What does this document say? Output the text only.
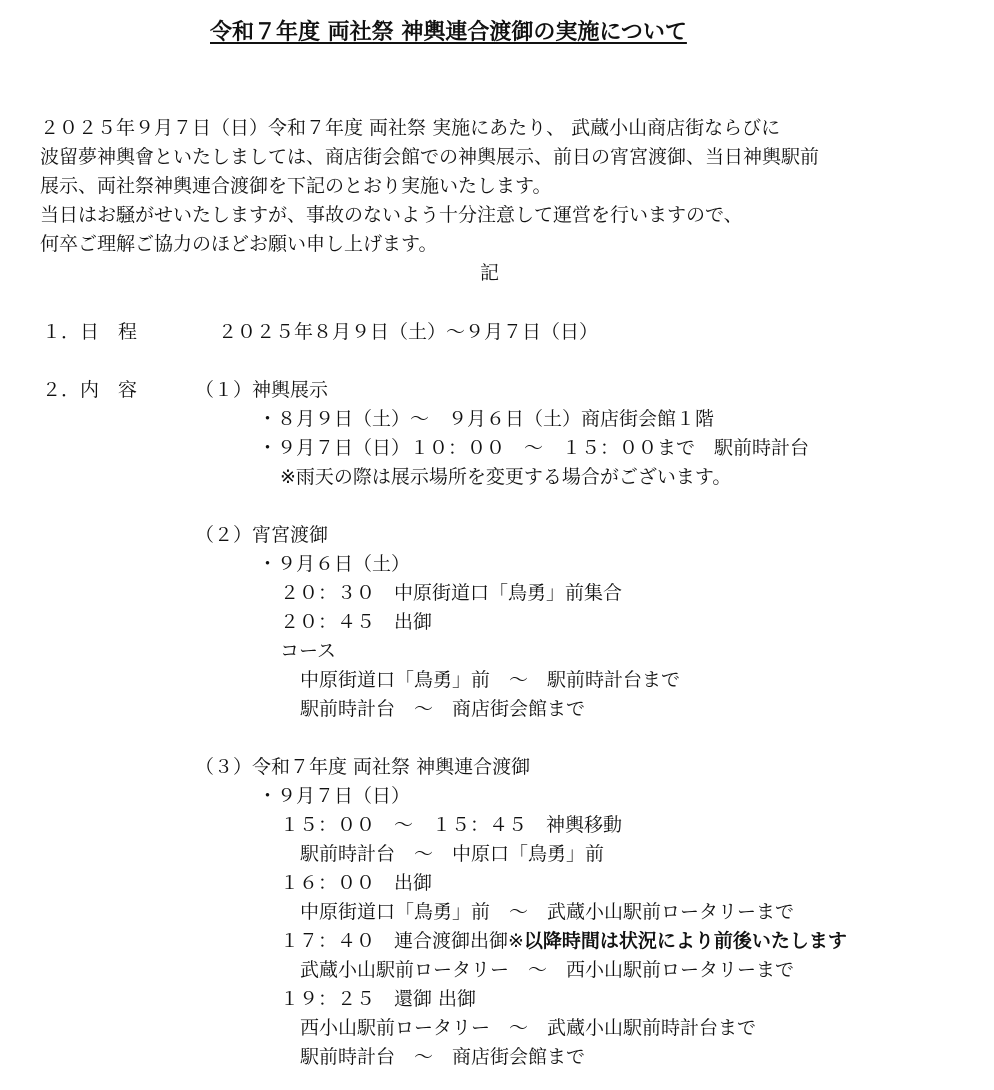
令和７年度 両社祭 神輿連合渡御の実施について
２０２５年９月７日（日）令和７年度 両社祭 実施にあたり、 武蔵小山商店街ならびに
波留夢神輿會といたしましては、商店街会館での神輿展示、前日の宵宮渡御、当日神輿駅前
展示、両社祭神輿連合渡御を下記のとおり実施いたします。
当日はお騒がせいたしますが、事故のないよう十分注意して運営を行いますので、
何卒ご理解ご協力のほどお願い申し上げます。
記
１．日　程	２０２５年８月９日（土）～９月７日（日）
２．内　容	（１）神輿展示
・８月９日（土）～　９月６日（土）商店街会館１階
・９月７日（日）１０：００　～　１５：００まで　駅前時計台
※雨天の際は展示場所を変更する場合がございます。
（２）宵宮渡御
・９月６日（土）
２０：３０　中原街道口「鳥勇」前集合
２０：４５　出御
コース
中原街道口「鳥勇」前　～　駅前時計台まで
駅前時計台　～　商店街会館まで
（３）令和７年度 両社祭 神輿連合渡御
・９月７日（日）
１５：００　～　１５：４５　神輿移動
駅前時計台　～　中原口「鳥勇」前
１６：００　出御
中原街道口「鳥勇」前　～　武蔵小山駅前ロータリーまで
１７：４０　連合渡御出御※以降時間は状況により前後いたします
武蔵小山駅前ロータリー　～　西小山駅前ロータリーまで
１９：２５　還御 出御
西小山駅前ロータリー　～　武蔵小山駅前時計台まで
駅前時計台　～　商店街会館まで
